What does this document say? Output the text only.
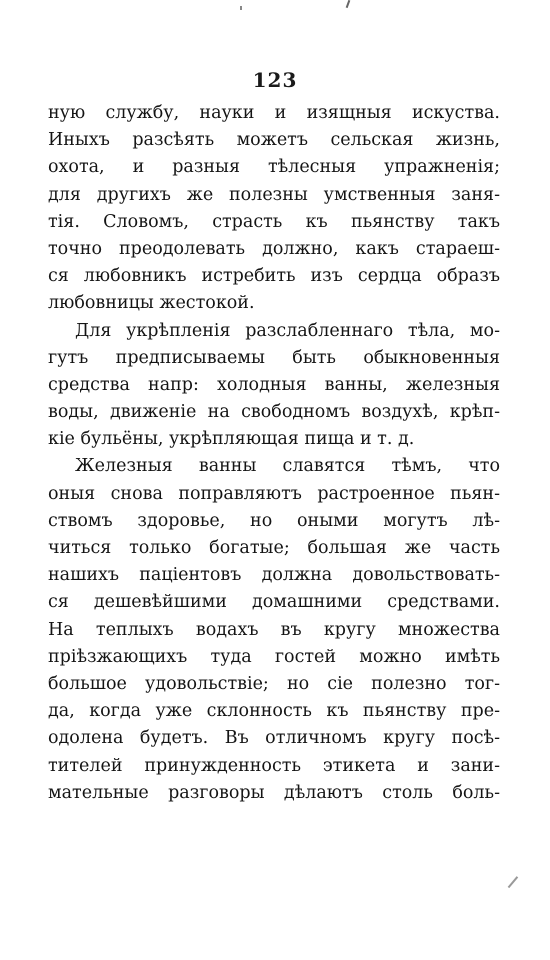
123
ную службу, науки и изящныя искуства.
Иныхъ разсѣять можетъ сельская жизнь,
охота, и разныя тѣлесныя упражненія;
для другихъ же полезны умственныя заня-
тія. Словомъ, страсть къ пьянству такъ
точно преодолевать должно, какъ стараеш-
ся любовникъ истребить изъ сердца образъ
любовницы жестокой.
Для укрѣпленія разслабленнаго тѣла, мо-
гутъ предписываемы быть обыкновенныя
средства напр: холодныя ванны, железныя
воды, движеніе на свободномъ воздухѣ, крѣп-
кіе бульёны, укрѣпляющая пища и т. д.
Железныя ванны славятся тѣмъ, что
оныя снова поправляютъ растроенное пьян-
ствомъ здоровье, но оными могутъ лѣ-
читься только богатые; большая же часть
нашихъ паціентовъ должна довольствовать-
ся дешевѣйшими домашними средствами.
На теплыхъ водахъ въ кругу множества
пріѣзжающихъ туда гостей можно имѣть
большое удовольствіе; но сіе полезно тог-
да, когда уже склонность къ пьянству пре-
одолена будетъ. Въ отличномъ кругу посѣ-
тителей принужденность этикета и зани-
мательные разговоры дѣлаютъ столь боль-
